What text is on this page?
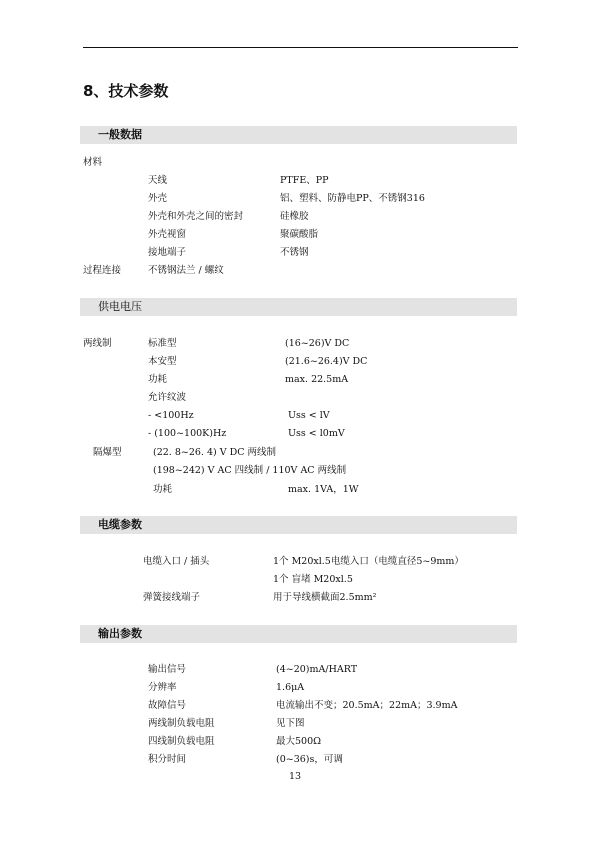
8、技术参数
一般数据
材料
天线	PTFE、PP
外壳	铝、塑料、防静电PP、不锈钢316
外壳和外壳之间的密封	硅橡胶
外壳视窗	聚碳酸脂
接地端子	不锈钢
过程连接	不锈钢法兰 / 螺纹
供电电压
两线制	标准型	(16~26)V DC
本安型	(21.6~26.4)V DC
功耗	max. 22.5mA
允许纹波
- <100Hz	Uss < lV
- (100~100K)Hz	Uss < l0mV
隔爆型	(22. 8~26. 4) V DC 两线制
(198~242) V AC 四线制 / 110V AC 两线制
功耗	max. 1VA，1W
电缆参数
电缆入口 / 插头	1个 M20xl.5电缆入口（电缆直径5~9mm）
1个 盲堵 M20xl.5
弹簧接线端子	用于导线横截面2.5mm²
输出参数
输出信号	(4~20)mA/HART
分辨率	1.6μA
故障信号	电流输出不变；20.5mA；22mA；3.9mA
两线制负载电阻	见下图
四线制负载电阻	最大500Ω
积分时间	(0~36)s，可调
13
